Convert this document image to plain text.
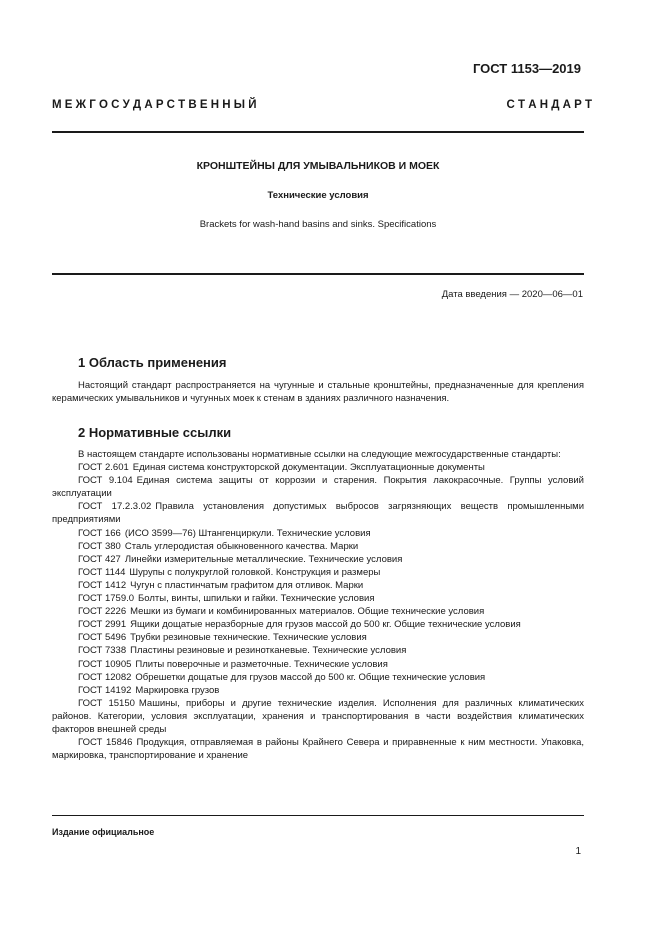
ГОСТ 1153—2019
М Е Ж Г О С У Д А Р С Т В Е Н Н Ы Й	С Т А Н Д А Р Т
КРОНШТЕЙНЫ ДЛЯ УМЫВАЛЬНИКОВ И МОЕК
Технические условия
Brackets for wash-hand basins and sinks. Specifications
Дата введения — 2020—06—01
1 Область применения

Настоящий стандарт распространяется на чугунные и стальные кронштейны, предназначенные для крепления керамических умывальников и чугунных моек к стенам в зданиях различного назначения.

2 Нормативные ссылки

В настоящем стандарте использованы нормативные ссылки на следующие межгосударственные стандарты:

ГОСТ 2.601 Единая система конструкторской документации. Эксплуатационные документы

ГОСТ 9.104 Единая система защиты от коррозии и старения. Покрытия лакокрасочные. Группы условий эксплуатации

ГОСТ 17.2.3.02 Правила установления допустимых выбросов загрязняющих веществ промышленными предприятиями

ГОСТ 166 (ИСО 3599—76) Штангенциркули. Технические условия

ГОСТ 380 Сталь углеродистая обыкновенного качества. Марки

ГОСТ 427 Линейки измерительные металлические. Технические условия

ГОСТ 1144 Шурупы с полукруглой головкой. Конструкция и размеры

ГОСТ 1412 Чугун с пластинчатым графитом для отливок. Марки

ГОСТ 1759.0 Болты, винты, шпильки и гайки. Технические условия

ГОСТ 2226 Мешки из бумаги и комбинированных материалов. Общие технические условия

ГОСТ 2991 Ящики дощатые неразборные для грузов массой до 500 кг. Общие технические условия

ГОСТ 5496 Трубки резиновые технические. Технические условия

ГОСТ 7338 Пластины резиновые и резинотканевые. Технические условия

ГОСТ 10905 Плиты поверочные и разметочные. Технические условия

ГОСТ 12082 Обрешетки дощатые для грузов массой до 500 кг. Общие технические условия

ГОСТ 14192 Маркировка грузов

ГОСТ 15150 Машины, приборы и другие технические изделия. Исполнения для различных климатических районов. Категории, условия эксплуатации, хранения и транспортирования в части воздействия климатических факторов внешней среды

ГОСТ 15846 Продукция, отправляемая в районы Крайнего Севера и приравненные к ним местности. Упаковка, маркировка, транспортирование и хранение

Издание официальное
1
